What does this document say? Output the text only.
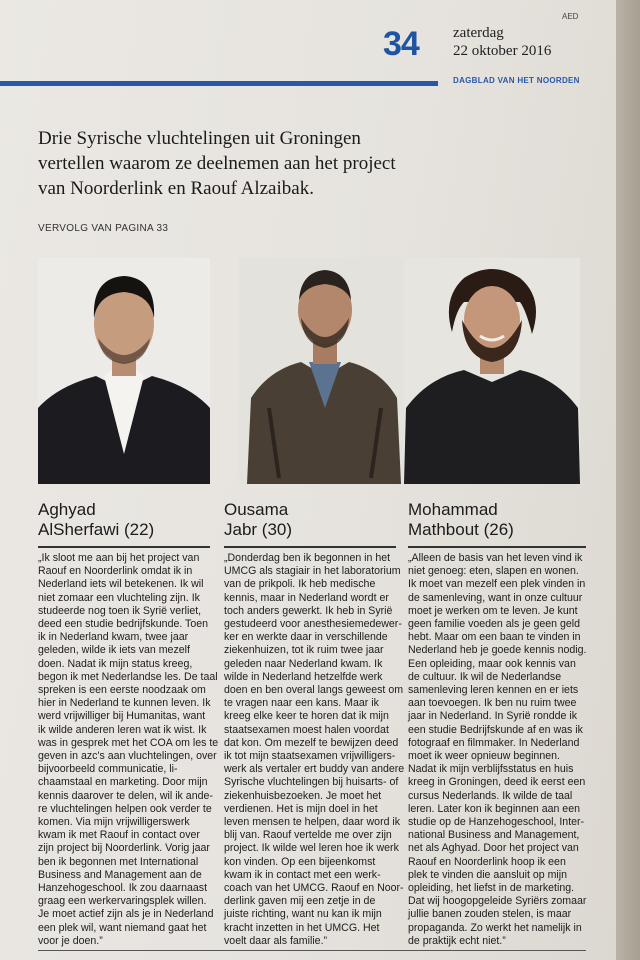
34 zaterdag
22 oktober 2016
AED
DAGBLAD VAN HET NOORDEN
Drie Syrische vluchtelingen uit Groningen
vertellen waarom ze deelnemen aan het project
van Noorderlink en Raouf Alzaibak.
VERVOLG VAN PAGINA 33
Aghyad
AlSherfawi (22)
Ousama
Jabr (30)
Mohammad
Mathbout (26)
„Ik sloot me aan bij het project van
Raouf en Noorderlink omdat ik in
Nederland iets wil betekenen. Ik wil
niet zomaar een vluchteling zijn. Ik
studeerde nog toen ik Syrië verliet,
deed een studie bedrijfskunde. Toen
ik in Nederland kwam, twee jaar
geleden, wilde ik iets van mezelf
doen. Nadat ik mijn status kreeg,
begon ik met Nederlandse les. De taal
spreken is een eerste noodzaak om
hier in Nederland te kunnen leven. Ik
werd vrijwilliger bij Humanitas, want
ik wilde anderen leren wat ik wist. Ik
was in gesprek met het COA om les te
geven in azc's aan vluchtelingen, over
bijvoorbeeld communicatie, li-
chaamstaal en marketing. Door mijn
kennis daarover te delen, wil ik ande-
re vluchtelingen helpen ook verder te
komen. Via mijn vrijwilligerswerk
kwam ik met Raouf in contact over
zijn project bij Noorderlink. Vorig jaar
ben ik begonnen met International
Business and Management aan de
Hanzehogeschool. Ik zou daarnaast
graag een werkervaringsplek willen.
Je moet actief zijn als je in Nederland
een plek wil, want niemand gaat het
voor je doen.”
„Donderdag ben ik begonnen in het
UMCG als stagiair in het laboratorium
van de prikpoli. Ik heb medische
kennis, maar in Nederland wordt er
toch anders gewerkt. Ik heb in Syrië
gestudeerd voor anesthesiemedewer-
ker en werkte daar in verschillende
ziekenhuizen, tot ik ruim twee jaar
geleden naar Nederland kwam. Ik
wilde in Nederland hetzelfde werk
doen en ben overal langs geweest om
te vragen naar een kans. Maar ik
kreeg elke keer te horen dat ik mijn
staatsexamen moest halen voordat
dat kon. Om mezelf te bewijzen deed
ik tot mijn staatsexamen vrijwilligers-
werk als vertaler ert buddy van andere
Syrische vluchtelingen bij huisarts- of
ziekenhuisbezoeken. Je moet het
verdienen. Het is mijn doel in het
leven mensen te helpen, daar word ik
blij van. Raouf vertelde me over zijn
project. Ik wilde wel leren hoe ik werk
kon vinden. Op een bijeenkomst
kwam ik in contact met een werk-
coach van het UMCG. Raouf en Noor-
derlink gaven mij een zetje in de
juiste richting, want nu kan ik mijn
kracht inzetten in het UMCG. Het
voelt daar als familie.”
„Alleen de basis van het leven vind ik
niet genoeg: eten, slapen en wonen.
Ik moet van mezelf een plek vinden in
de samenleving, want in onze cultuur
moet je werken om te leven. Je kunt
geen familie voeden als je geen geld
hebt. Maar om een baan te vinden in
Nederland heb je goede kennis nodig.
Een opleiding, maar ook kennis van
de cultuur. Ik wil de Nederlandse
samenleving leren kennen en er iets
aan toevoegen. Ik ben nu ruim twee
jaar in Nederland. In Syrië rondde ik
een studie Bedrijfskunde af en was ik
fotograaf en filmmaker. In Nederland
moet ik weer opnieuw beginnen.
Nadat ik mijn verblijfsstatus en huis
kreeg in Groningen, deed ik eerst een
cursus Nederlands. Ik wilde de taal
leren. Later kon ik beginnen aan een
studie op de Hanzehogeschool, Inter-
national Business and Management,
net als Aghyad. Door het project van
Raouf en Noorderlink hoop ik een
plek te vinden die aansluit op mijn
opleiding, het liefst in de marketing.
Dat wij hoogopgeleide Syriërs zomaar
jullie banen zouden stelen, is maar
propaganda. Zo werkt het namelijk in
de praktijk echt niet.”
